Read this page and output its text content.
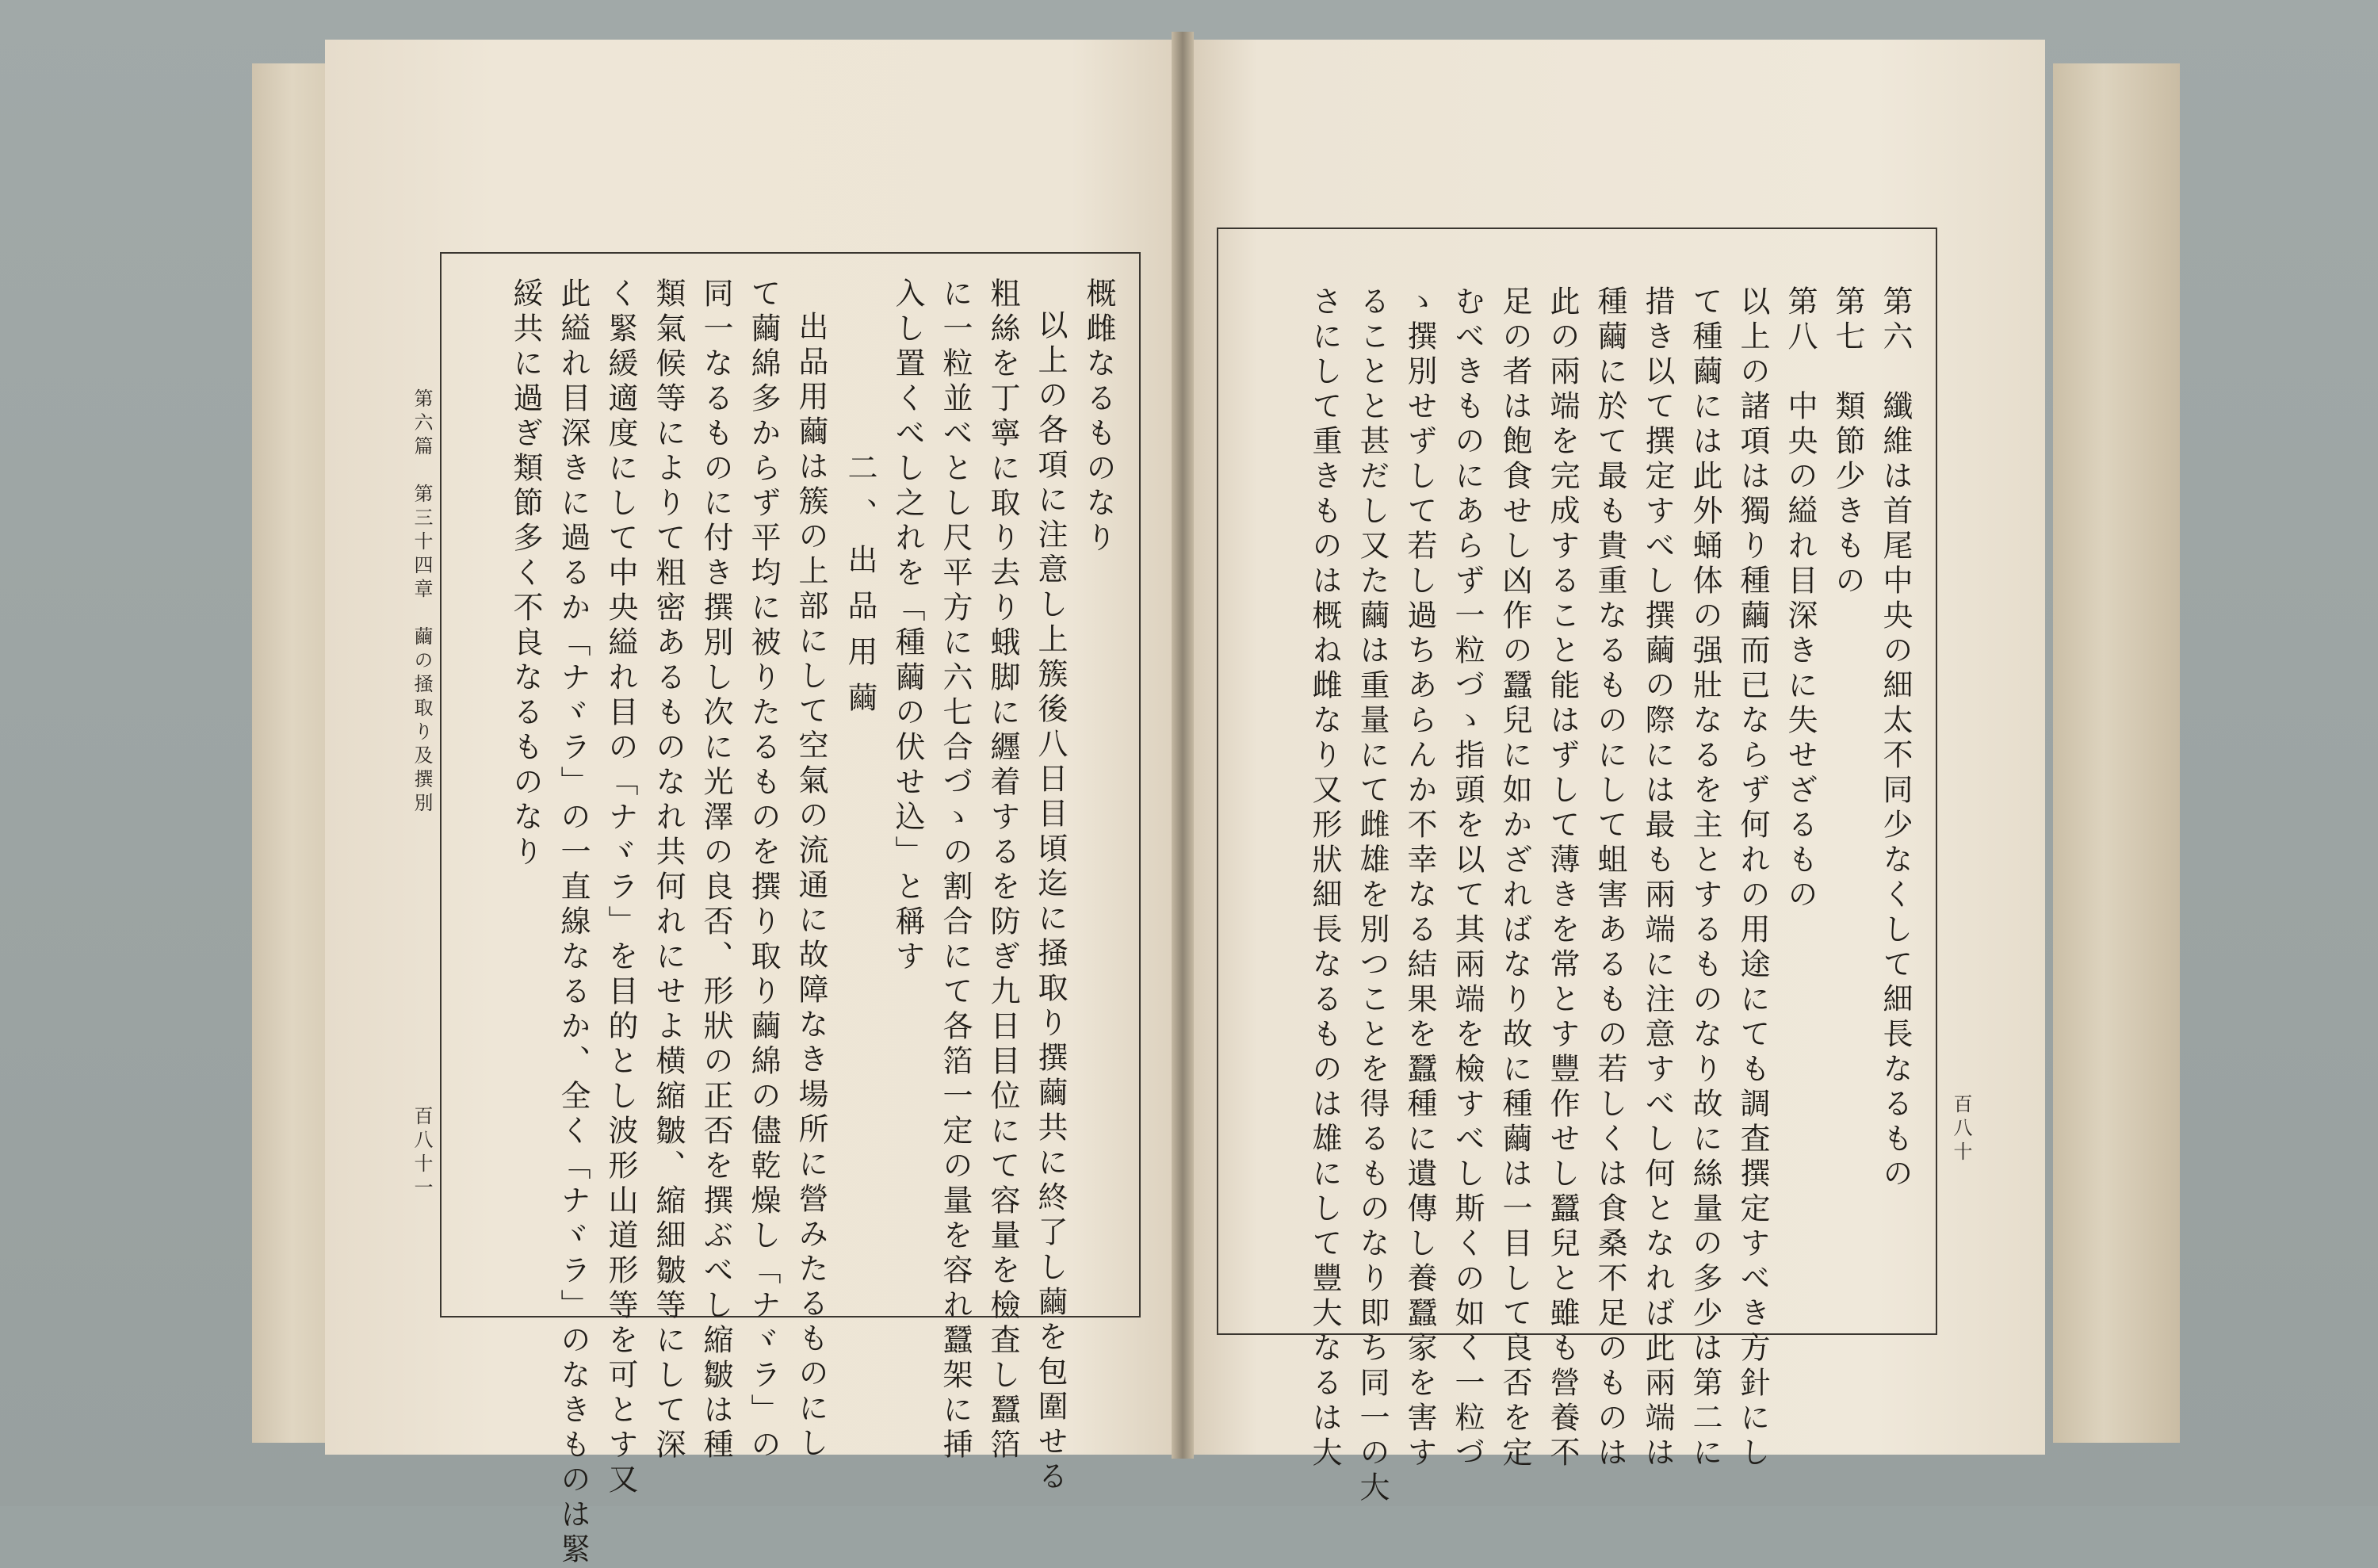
第六篇　第三十四章　繭の掻取り及撰別
百八十一
概雌なるものなり
以上の各項に注意し上簇後八日目頃迄に掻取り撰繭共に終了し繭を包圍せる
粗絲を丁寧に取り去り蛾脚に纒着するを防ぎ九日目位にて容量を檢査し蠶箔
に一粒並べとし尺平方に六七合づゝの割合にて各箔一定の量を容れ蠶架に挿
入し置くべし之れを「種繭の伏せ込」と稱す
二、出品用繭
出品用繭は簇の上部にして空氣の流通に故障なき場所に營みたるものにし
て繭綿多からず平均に被りたるものを撰り取り繭綿の儘乾燥し「ナヾラ」の
同一なるものに付き撰別し次に光澤の良否、形狀の正否を撰ぶべし縮皺は種
類氣候等によりて粗密あるものなれ共何れにせよ横縮皺、縮細皺等にして深
く緊緩適度にして中央縊れ目の「ナヾラ」を目的とし波形山道形等を可とす又
此縊れ目深きに過るか「ナヾラ」の一直線なるか、全く「ナヾラ」のなきものは緊
綏共に過ぎ類節多く不良なるものなり
百八十
第六　纖維は首尾中央の細太不同少なくして細長なるもの
第七　類節少きもの
第八　中央の縊れ目深きに失せざるもの
以上の諸項は獨り種繭而已ならず何れの用途にても調査撰定すべき方針にし
て種繭には此外蛹体の强壯なるを主とするものなり故に絲量の多少は第二に
措き以て撰定すべし撰繭の際には最も兩端に注意すべし何となれば此兩端は
種繭に於て最も貴重なるものにして蛆害あるもの若しくは食桑不足のものは
此の兩端を完成すること能はずして薄きを常とす豐作せし蠶兒と雖も營養不
足の者は飽食せし凶作の蠶兒に如かざればなり故に種繭は一目して良否を定
むべきものにあらず一粒づゝ指頭を以て其兩端を檢すべし斯くの如く一粒づ
ゝ撰別せずして若し過ちあらんか不幸なる結果を蠶種に遺傳し養蠶家を害す
ることと甚だし又た繭は重量にて雌雄を別つことを得るものなり即ち同一の大
さにして重きものは概ね雌なり又形狀細長なるものは雄にして豐大なるは大
